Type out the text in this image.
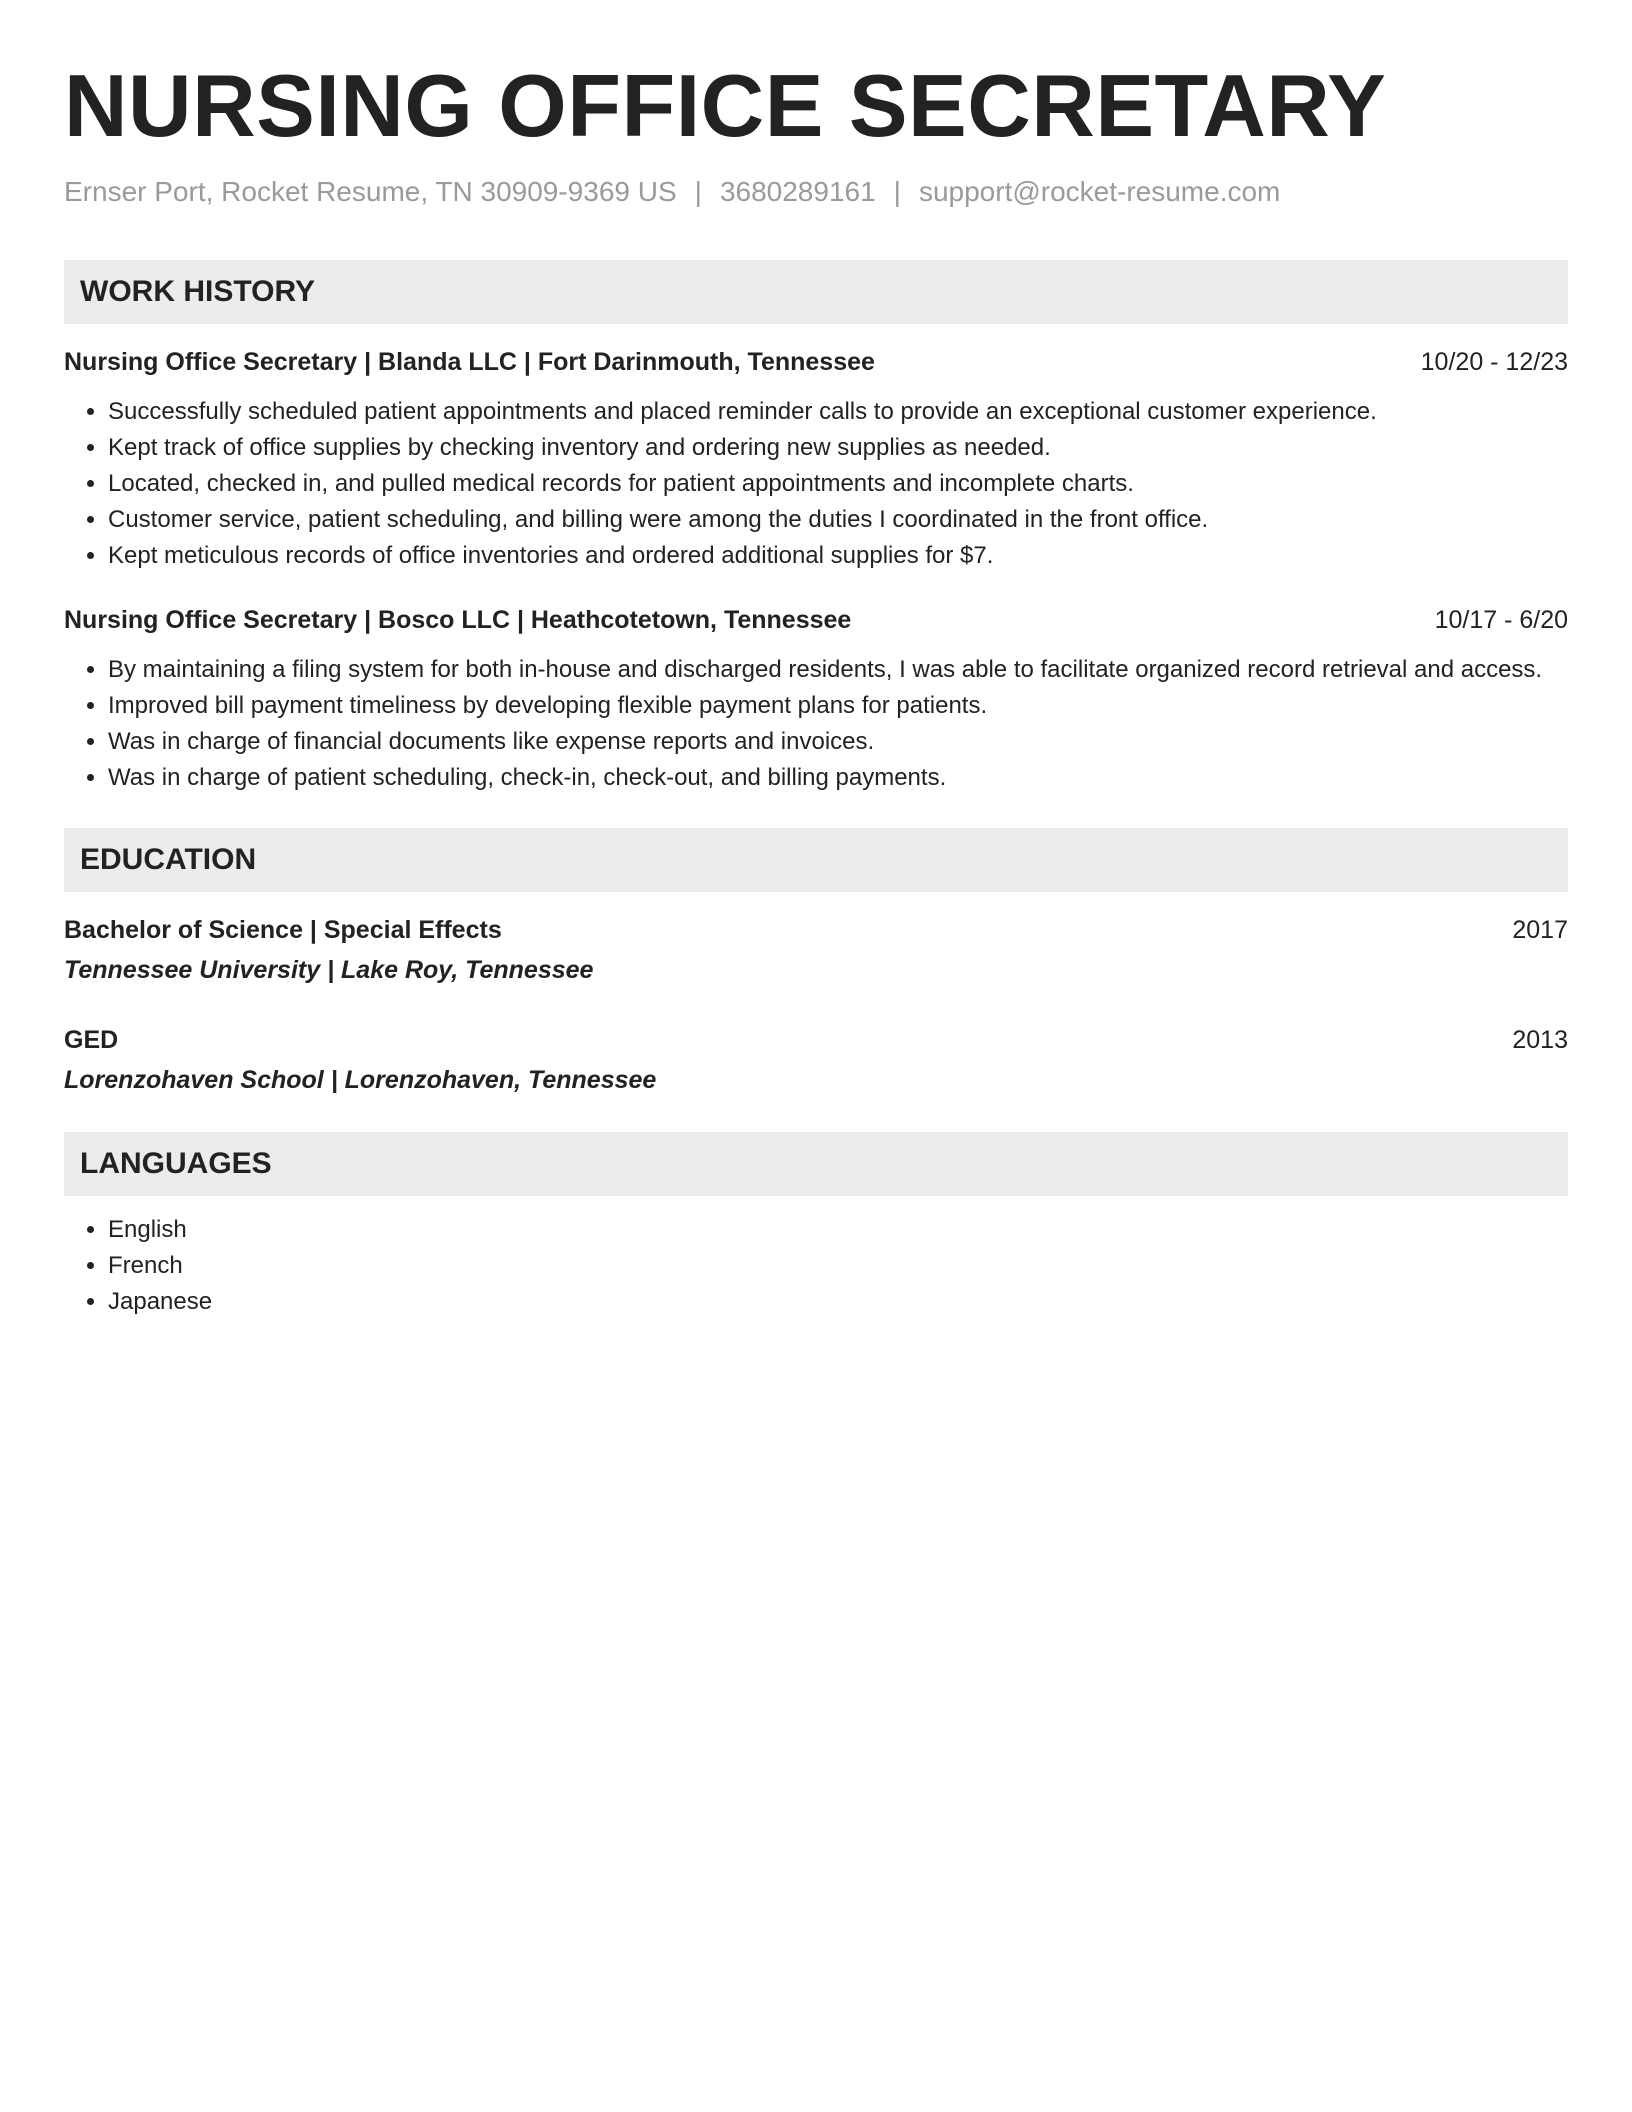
NURSING OFFICE SECRETARY
Ernser Port, Rocket Resume, TN 30909-9369 US | 3680289161 | support@rocket-resume.com
WORK HISTORY
Nursing Office Secretary | Blanda LLC | Fort Darinmouth, Tennessee	10/20 - 12/23
• Successfully scheduled patient appointments and placed reminder calls to provide an exceptional customer experience.
• Kept track of office supplies by checking inventory and ordering new supplies as needed.
• Located, checked in, and pulled medical records for patient appointments and incomplete charts.
• Customer service, patient scheduling, and billing were among the duties I coordinated in the front office.
• Kept meticulous records of office inventories and ordered additional supplies for $7.
Nursing Office Secretary | Bosco LLC | Heathcotetown, Tennessee	10/17 - 6/20
• By maintaining a filing system for both in-house and discharged residents, I was able to facilitate organized record retrieval and access.
• Improved bill payment timeliness by developing flexible payment plans for patients.
• Was in charge of financial documents like expense reports and invoices.
• Was in charge of patient scheduling, check-in, check-out, and billing payments.
EDUCATION
Bachelor of Science | Special Effects	2017
Tennessee University | Lake Roy, Tennessee
GED	2013
Lorenzohaven School | Lorenzohaven, Tennessee
LANGUAGES
• English
• French
• Japanese
